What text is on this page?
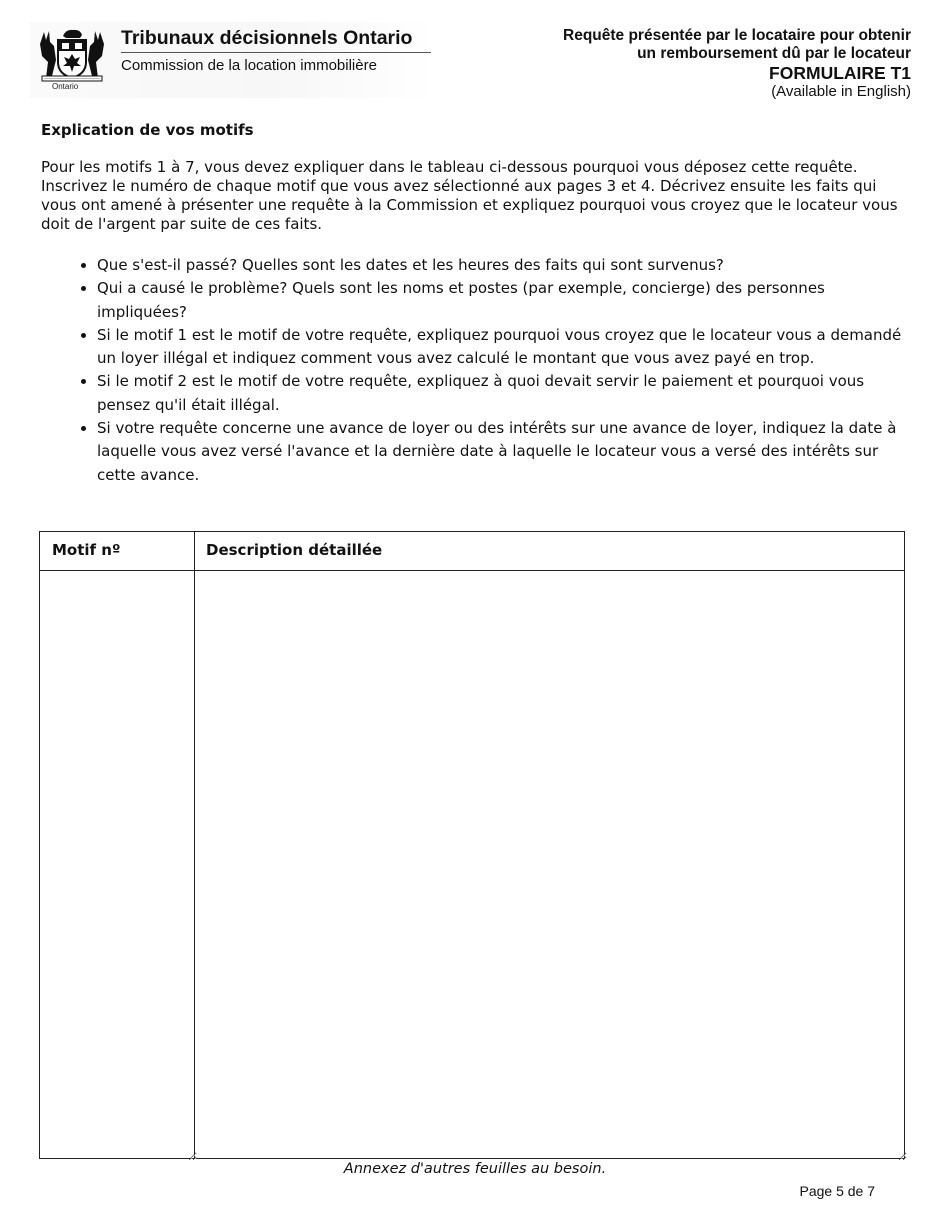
Ontario
Tribunaux décisionnels Ontario
Commission de la location immobilière
Requête présentée par le locataire pour obtenir
un remboursement dû par le locateur
FORMULAIRE T1
(Available in English)
Explication de vos motifs

Pour les motifs 1 à 7, vous devez expliquer dans le tableau ci-dessous pourquoi vous déposez cette requête. Inscrivez le numéro de chaque motif que vous avez sélectionné aux pages 3 et 4. Décrivez ensuite les faits qui vous ont amené à présenter une requête à la Commission et expliquez pourquoi vous croyez que le locateur vous doit de l'argent par suite de ces faits.

• Que s'est-il passé? Quelles sont les dates et les heures des faits qui sont survenus?
• Qui a causé le problème? Quels sont les noms et postes (par exemple, concierge) des personnes impliquées?
• Si le motif 1 est le motif de votre requête, expliquez pourquoi vous croyez que le locateur vous a demandé un loyer illégal et indiquez comment vous avez calculé le montant que vous avez payé en trop.
• Si le motif 2 est le motif de votre requête, expliquez à quoi devait servir le paiement et pourquoi vous pensez qu'il était illégal.
• Si votre requête concerne une avance de loyer ou des intérêts sur une avance de loyer, indiquez la date à laquelle vous avez versé l'avance et la dernière date à laquelle le locateur vous a versé des intérêts sur cette avance.
Motif nº	Description détaillée
Annexez d'autres feuilles au besoin.
Page 5 de 7
